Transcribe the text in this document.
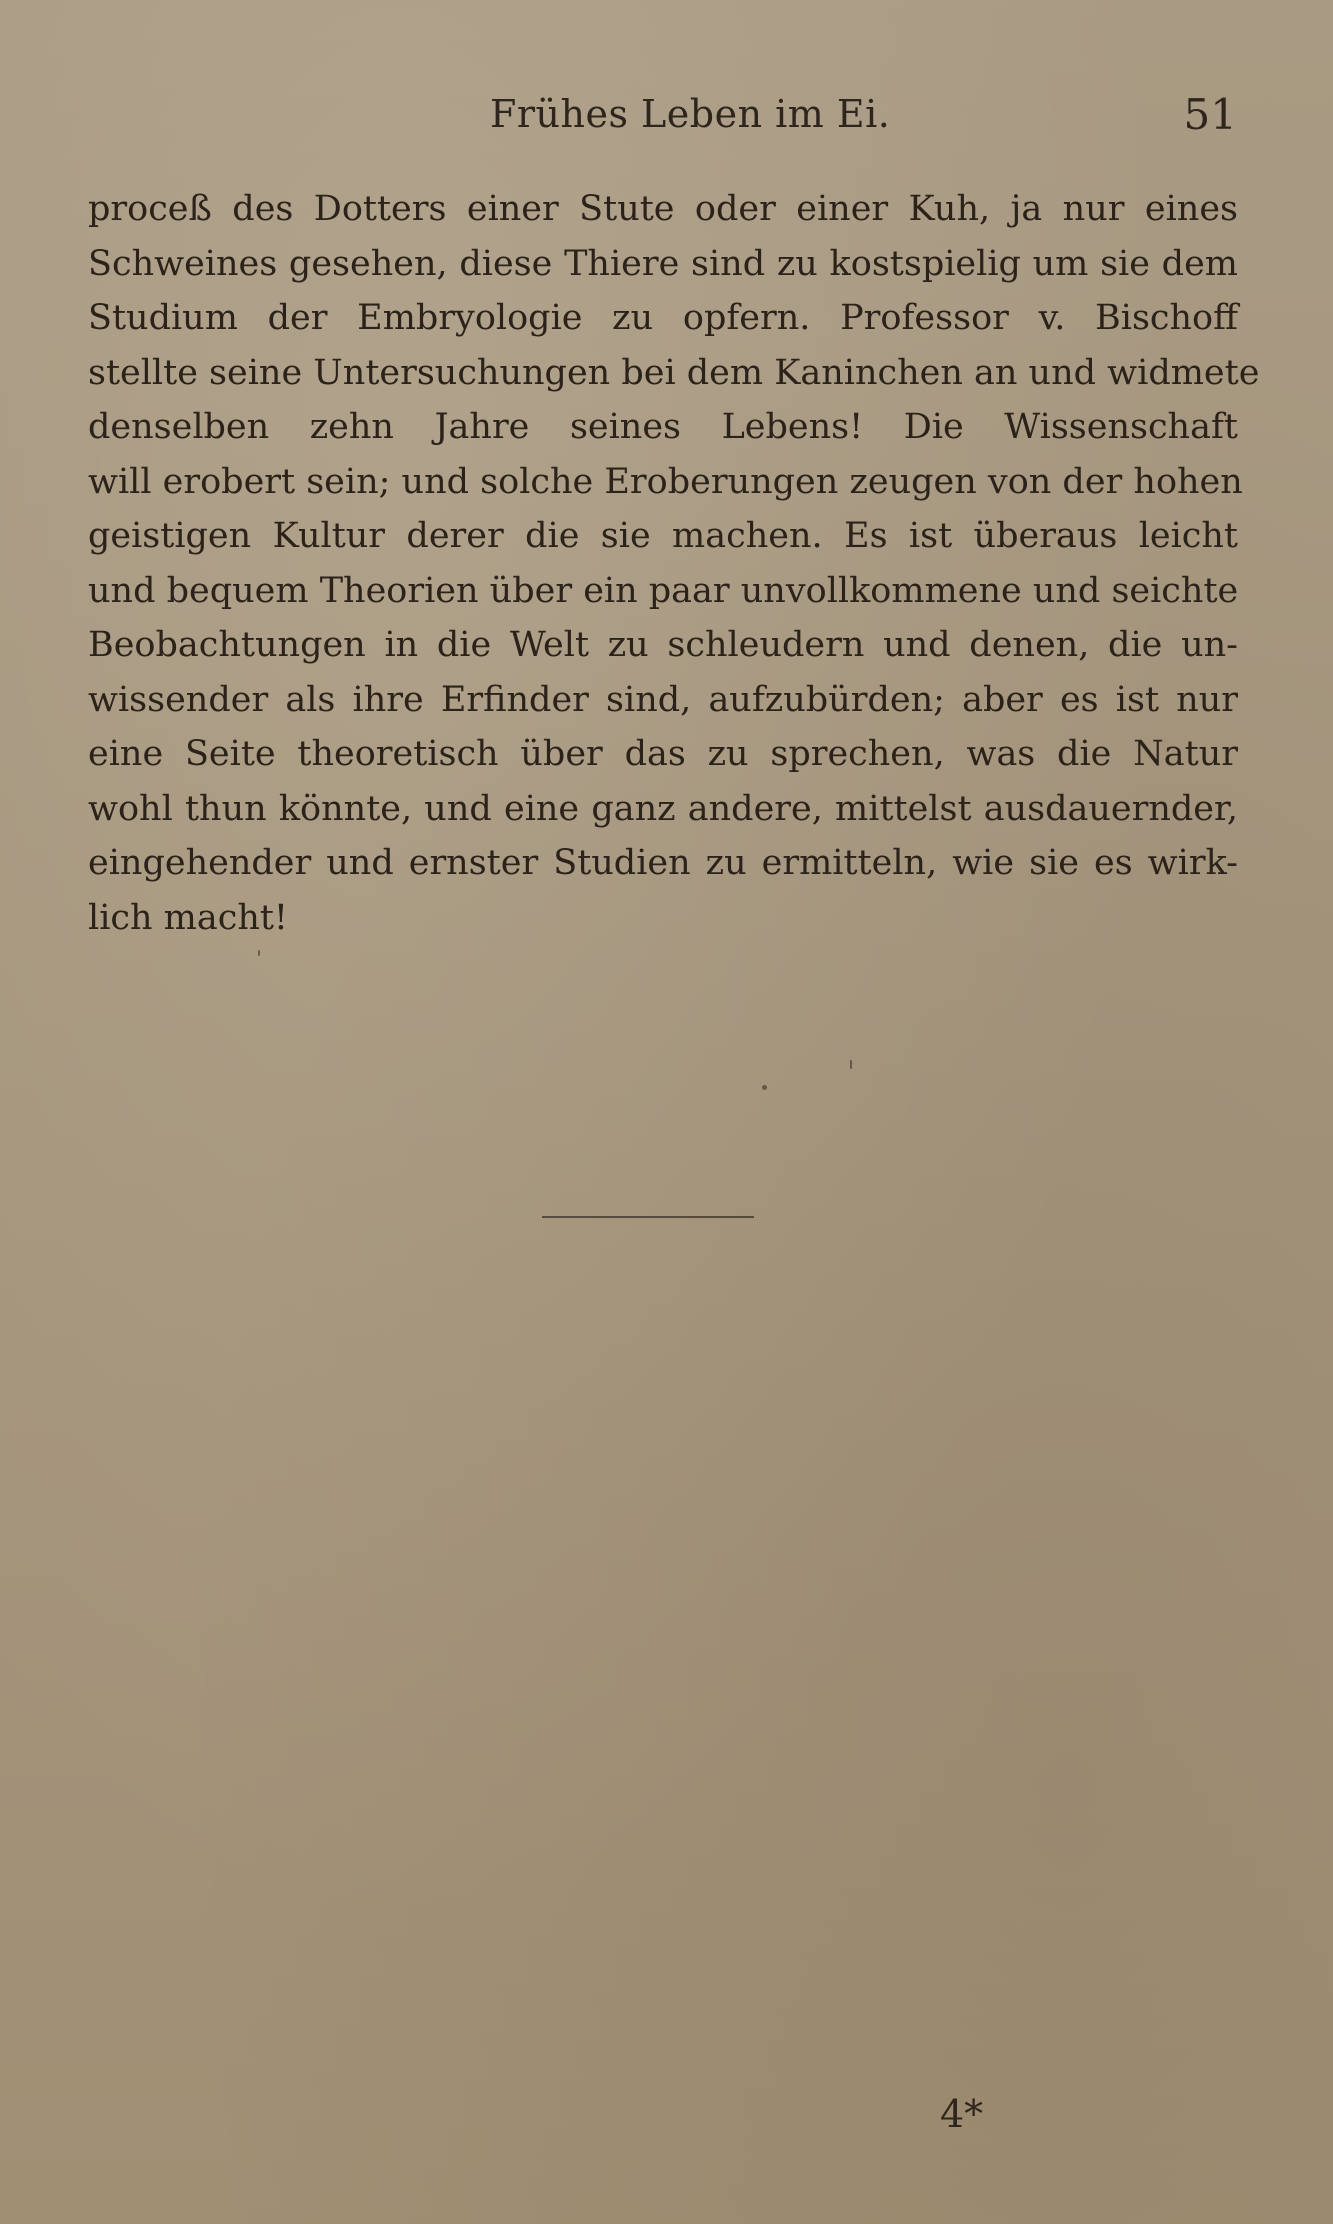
Frühes Leben im Ei.	51
proceß des Dotters einer Stute oder einer Kuh, ja nur eines
Schweines gesehen, diese Thiere sind zu kostspielig um sie dem
Studium der Embryologie zu opfern. Professor v. Bischoff
stellte seine Untersuchungen bei dem Kaninchen an und widmete
denselben zehn Jahre seines Lebens! Die Wissenschaft
will erobert sein; und solche Eroberungen zeugen von der hohen
geistigen Kultur derer die sie machen. Es ist überaus leicht
und bequem Theorien über ein paar unvollkommene und seichte
Beobachtungen in die Welt zu schleudern und denen, die un-
wissender als ihre Erfinder sind, aufzubürden; aber es ist nur
eine Seite theoretisch über das zu sprechen, was die Natur
wohl thun könnte, und eine ganz andere, mittelst ausdauernder,
eingehender und ernster Studien zu ermitteln, wie sie es wirk-
lich macht!
4*
